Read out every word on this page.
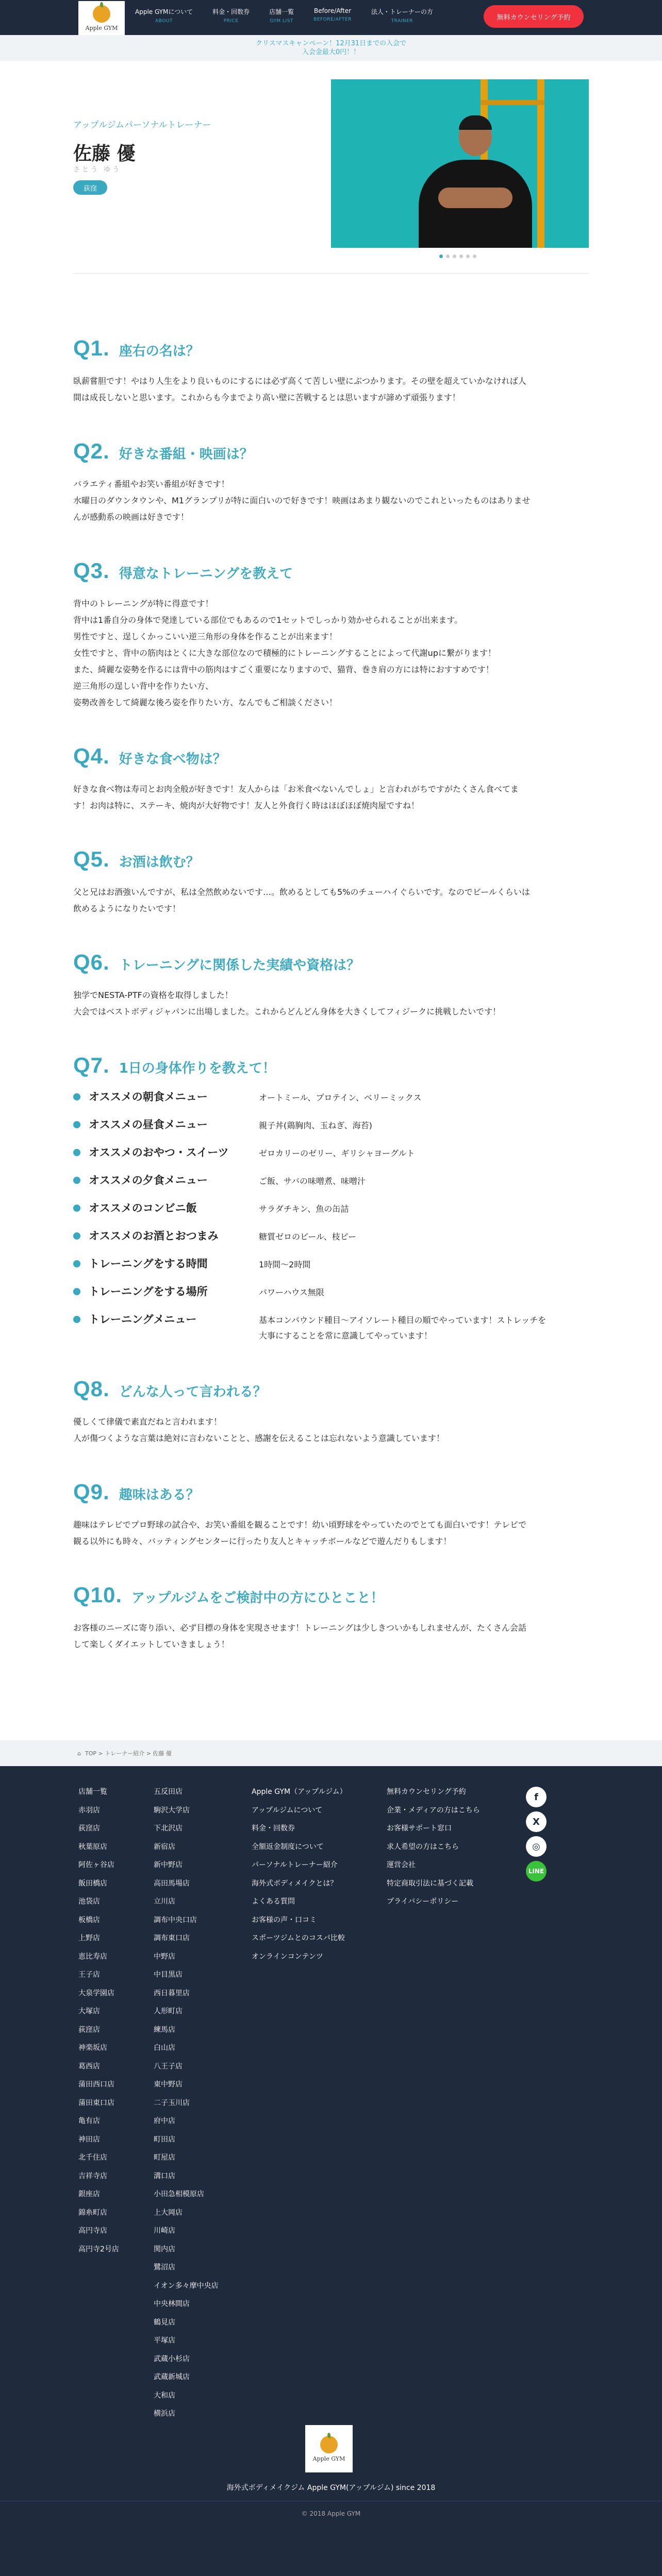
Apple GYM
Apple GYMについて
ABOUT
料金・回数券
PRICE
店舗一覧
GYM LIST
Before/After
BEFORE/AFTER
法人・トレーナーの方
TRAINER	無料カウンセリング予約
クリスマスキャンペーン！12月31日までの入会で
入会金最大0円！！
アップルジムパーソナルトレーナー
佐藤 優
さとう ゆう
荻窪
Q1. 座右の名は？
臥薪嘗胆です！やはり人生をより良いものにするには必ず高くて苦しい壁にぶつかります。その壁を超えていかなければ人
間は成長しないと思います。これからも今までより高い壁に苦戦するとは思いますが諦めず頑張ります！
Q2. 好きな番組・映画は？
バラエティ番組やお笑い番組が好きです！
水曜日のダウンタウンや、M1グランプリが特に面白いので好きです！映画はあまり観ないのでこれといったものはありませ
んが感動系の映画は好きです！
Q3. 得意なトレーニングを教えて
背中のトレーニングが特に得意です！
背中は1番自分の身体で発達している部位でもあるので1セットでしっかり効かせられることが出来ます。
男性ですと、逞しくかっこいい逆三角形の身体を作ることが出来ます！
女性ですと、背中の筋肉はとくに大きな部位なので積極的にトレーニングすることによって代謝upに繋がります！
また、綺麗な姿勢を作るには背中の筋肉はすごく重要になりますので、猫背、巻き肩の方には特におすすめです！
逆三角形の逞しい背中を作りたい方、
姿勢改善をして綺麗な後ろ姿を作りたい方、なんでもご相談ください！
Q4. 好きな食べ物は？
好きな食べ物は寿司とお肉全般が好きです！友人からは「お米食べないんでしょ」と言われがちですがたくさん食べてま
す！お肉は特に、ステーキ、焼肉が大好物です！友人と外食行く時はほぼほぼ焼肉屋ですね！
Q5. お酒は飲む？
父と兄はお酒強いんですが、私は全然飲めないです…。飲めるとしても5%のチューハイぐらいです。なのでビールくらいは
飲めるようになりたいです！
Q6. トレーニングに関係した実績や資格は？
独学でNESTA-PTFの資格を取得しました！
大会ではベストボディジャパンに出場しました。これからどんどん身体を大きくしてフィジークに挑戦したいです！
Q7. 1日の身体作りを教えて！
オススメの朝食メニュー	オートミール、プロテイン、ベリーミックス
オススメの昼食メニュー	親子丼(鶏胸肉、玉ねぎ、海苔)
オススメのおやつ・スイーツ	ゼロカリーのゼリー、ギリシャヨーグルト
オススメの夕食メニュー	ご飯、サバの味噌煮、味噌汁
オススメのコンビニ飯	サラダチキン、魚の缶詰
オススメのお酒とおつまみ	糖質ゼロのビール、枝ピー
トレーニングをする時間	1時間〜2時間
トレーニングをする場所	パワーハウス無限
トレーニングメニュー	基本コンパウンド種目〜アイソレート種目の順でやっています！ストレッチを
大事にすることを常に意識してやっています！
Q8. どんな人って言われる？
優しくて律儀で素直だねと言われます！
人が傷つくような言葉は絶対に言わないことと、感謝を伝えることは忘れないよう意識しています！
Q9. 趣味はある？
趣味はテレビでプロ野球の試合や、お笑い番組を観ることです！幼い頃野球をやっていたのでとても面白いです！テレビで
観る以外にも時々、バッティングセンターに行ったり友人とキャッチボールなどで遊んだりもします！
Q10. アップルジムをご検討中の方にひとこと！
お客様のニーズに寄り添い、必ず目標の身体を実現させます！トレーニングは少しきついかもしれませんが、たくさん会話
して楽しくダイエットしていきましょう！
⌂ TOP > トレーナー紹介 > 佐藤 優
店舗一覧
赤羽店
荻窪店
秋葉原店
阿佐ヶ谷店
飯田橋店
池袋店
板橋店
上野店
恵比寿店
王子店
大泉学園店
大塚店
荻窪店
神楽坂店
葛西店
蒲田西口店
蒲田東口店
亀有店
神田店
北千住店
吉祥寺店
銀座店
錦糸町店
高円寺店
高円寺2号店
五反田店
駒沢大学店
下北沢店
新宿店
新中野店
高田馬場店
立川店
調布中央口店
調布東口店
中野店
中目黒店
西日暮里店
人形町店
練馬店
白山店
八王子店
東中野店
二子玉川店
府中店
町田店
町屋店
溝口店
小田急相模原店
上大岡店
川崎店
関内店
鷺沼店
イオン多々摩中央店
中央林間店
鶴見店
平塚店
武蔵小杉店
武蔵新城店
大和店
横浜店
Apple GYM（アップルジム）
アップルジムについて
料金・回数券
全額返金制度について
パーソナルトレーナー紹介
海外式ボディメイクとは？
よくある質問
お客様の声・口コミ
スポーツジムとのコスパ比較
オンラインコンテンツ
無料カウンセリング予約
企業・メディアの方はこちら
お客様サポート窓口
求人希望の方はこちら
運営会社
特定商取引法に基づく記載
プライバシーポリシー
f
X
◎
LINE
Apple GYM
海外式ボディメイクジム Apple GYM(アップルジム) since 2018
© 2018 Apple GYM
